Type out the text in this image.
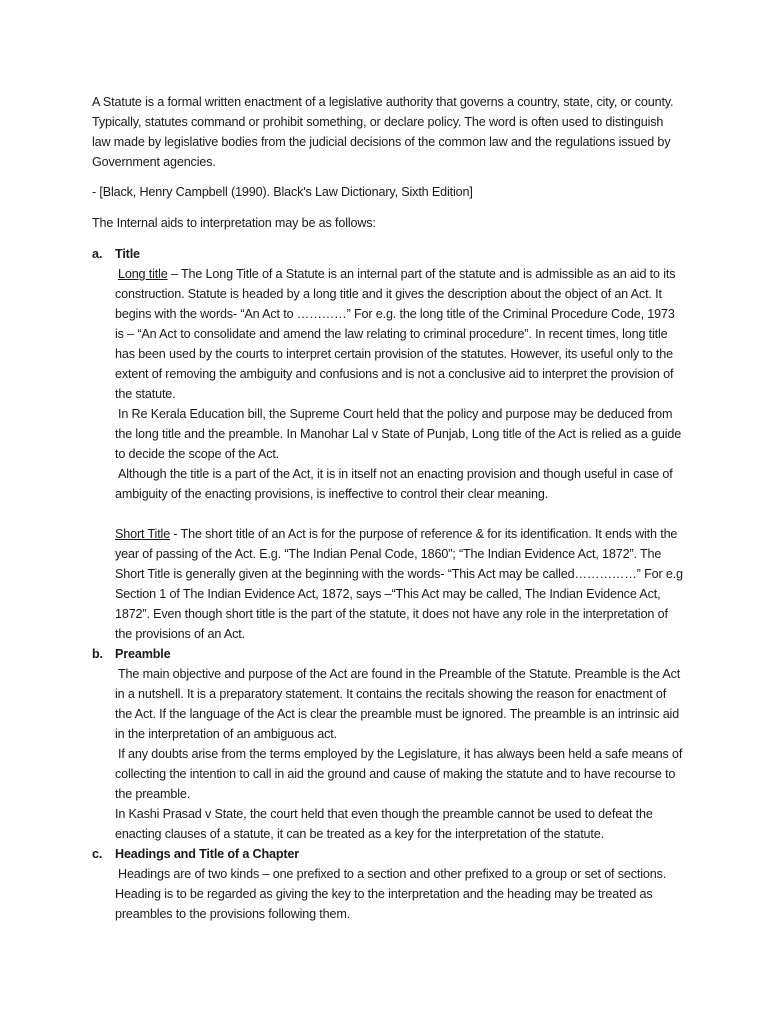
A Statute is a formal written enactment of a legislative authority that governs a country, state, city, or county. Typically, statutes command or prohibit something, or declare policy. The word is often used to distinguish law made by legislative bodies from the judicial decisions of the common law and the regulations issued by Government agencies.

- [Black, Henry Campbell (1990). Black's Law Dictionary, Sixth Edition]

The Internal aids to interpretation may be as follows:

a. Title

Long title – The Long Title of a Statute is an internal part of the statute and is admissible as an aid to its construction. Statute is headed by a long title and it gives the description about the object of an Act. It begins with the words- “An Act to …………” For e.g. the long title of the Criminal Procedure Code, 1973 is – “An Act to consolidate and amend the law relating to criminal procedure”. In recent times, long title has been used by the courts to interpret certain provision of the statutes. However, its useful only to the extent of removing the ambiguity and confusions and is not a conclusive aid to interpret the provision of the statute.

In Re Kerala Education bill, the Supreme Court held that the policy and purpose may be deduced from the long title and the preamble. In Manohar Lal v State of Punjab, Long title of the Act is relied as a guide to decide the scope of the Act.

Although the title is a part of the Act, it is in itself not an enacting provision and though useful in case of ambiguity of the enacting provisions, is ineffective to control their clear meaning.

Short Title - The short title of an Act is for the purpose of reference & for its identification. It ends with the year of passing of the Act. E.g. “The Indian Penal Code, 1860”; “The Indian Evidence Act, 1872”. The Short Title is generally given at the beginning with the words- “This Act may be called……………” For e.g Section 1 of The Indian Evidence Act, 1872, says –“This Act may be called, The Indian Evidence Act, 1872”. Even though short title is the part of the statute, it does not have any role in the interpretation of the provisions of an Act.

b. Preamble

The main objective and purpose of the Act are found in the Preamble of the Statute. Preamble is the Act in a nutshell. It is a preparatory statement. It contains the recitals showing the reason for enactment of the Act. If the language of the Act is clear the preamble must be ignored. The preamble is an intrinsic aid in the interpretation of an ambiguous act.

If any doubts arise from the terms employed by the Legislature, it has always been held a safe means of collecting the intention to call in aid the ground and cause of making the statute and to have recourse to the preamble.

In Kashi Prasad v State, the court held that even though the preamble cannot be used to defeat the enacting clauses of a statute, it can be treated as a key for the interpretation of the statute.

c. Headings and Title of a Chapter

Headings are of two kinds – one prefixed to a section and other prefixed to a group or set of sections. Heading is to be regarded as giving the key to the interpretation and the heading may be treated as preambles to the provisions following them.
